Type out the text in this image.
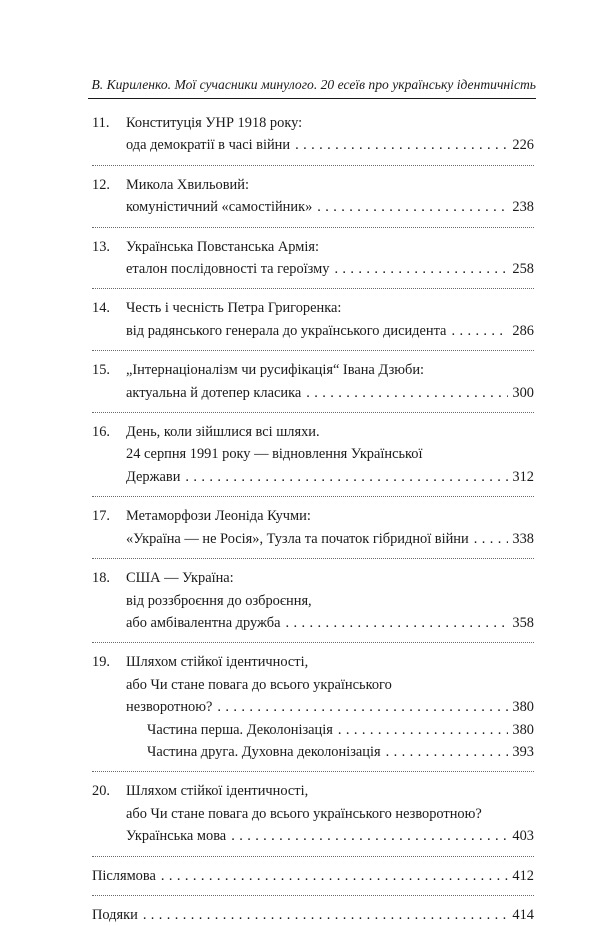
В. Кириленко. Мої сучасники минулого. 20 есеїв про українську ідентичність
11.	Конституція УНР 1918 року:
ода демократії в часі війни . . .	226
12.	Микола Хвильовий:
комуністичний «самостійник» . . .	238
13.	Українська Повстанська Армія:
еталон послідовності та героїзму . . .	258
14.	Честь і чесність Петра Григоренка:
від радянського генерала до українського дисидента . . .	286
15.	„Інтернаціоналізм чи русифікація“ Івана Дзюби:
актуальна й дотепер класика . . .	300
16.	День, коли зійшлися всі шляхи.
24 серпня 1991 року — відновлення Української
Держави . . .	312
17.	Метаморфози Леоніда Кучми:
«Україна — не Росія», Тузла та початок гібридної війни . . .	338
18.	США — Україна:
від роззброєння до озброєння,
або амбівалентна дружба . . .	358
19.	Шляхом стійкої ідентичності,
або Чи стане повага до всього українського
незворотною? . . .	380
Частина перша. Деколонізація . . .	380
Частина друга. Духовна деколонізація . . .	393
20.	Шляхом стійкої ідентичності,
або Чи стане повага до всього українського незворотною?
Українська мова . . .	403
Післямова . . .	412
Подяки . . .	414
